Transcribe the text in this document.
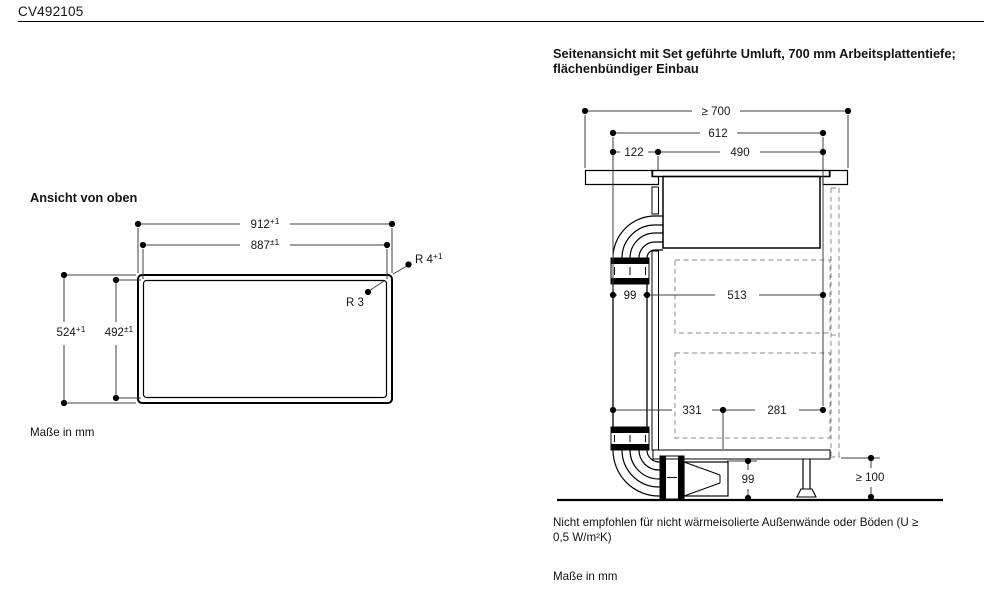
CV492105
Ansicht von oben
Maße in mm
Seitenansicht mit Set geführte Umluft, 700 mm Arbeitsplattentiefe;
flächenbündiger Einbau
Nicht empfohlen für nicht wärmeisolierte Außenwände oder Böden (U ≥
0,5 W/m²K)
Maße in mm
$912^{+1}$
$887^{\pm 1}$
$524^{+1}$ $492^{\pm 1}$
R $4^{+1}$
R 3
≥ 700
612
122	490
99	513
331	281
99	≥ 100
